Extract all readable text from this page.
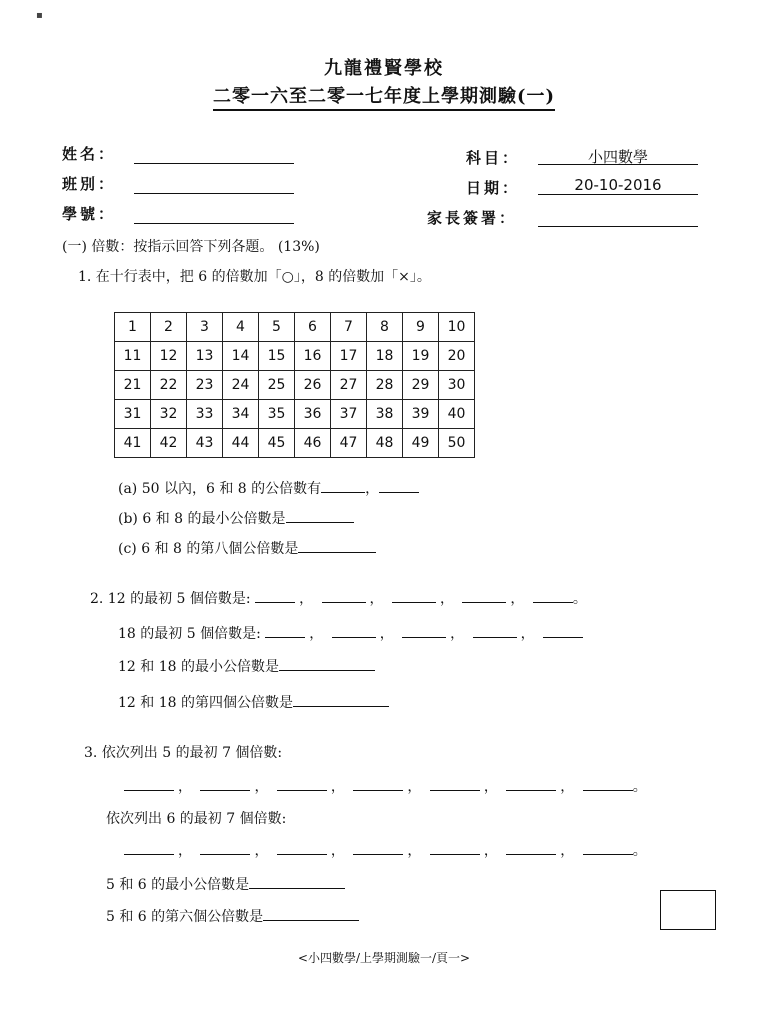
▪
九龍禮賢學校
二零一六至二零一七年度上學期測驗(一)
姓名：
班別：
學號：
科目：	小四數學
日期：	20-10-2016
家長簽署：
(一) 倍數：按指示回答下列各題。 (13%)
1. 在十行表中，把 6 的倍數加「○」，8 的倍數加「×」。
1	2	3	4	5	6	7	8	9	10
11	12	13	14	15	16	17	18	19	20
21	22	23	24	25	26	27	28	29	30
31	32	33	34	35	36	37	38	39	40
41	42	43	44	45	46	47	48	49	50
(a) 50 以內，6 和 8 的公倍數有	，
(b) 6 和 8 的最小公倍數是
(c) 6 和 8 的第八個公倍數是
2. 12 的最初 5 個倍數是:	，	，	，	，	。
18 的最初 5 個倍數是:	，	，	，	，
12 和 18 的最小公倍數是
12 和 18 的第四個公倍數是
3. 依次列出 5 的最初 7 個倍數:
，	，	，	，	，	，	。
依次列出 6 的最初 7 個倍數:
，	，	，	，	，	，	。
5 和 6 的最小公倍數是
5 和 6 的第六個公倍數是
<小四數學/上學期測驗一/頁一>
